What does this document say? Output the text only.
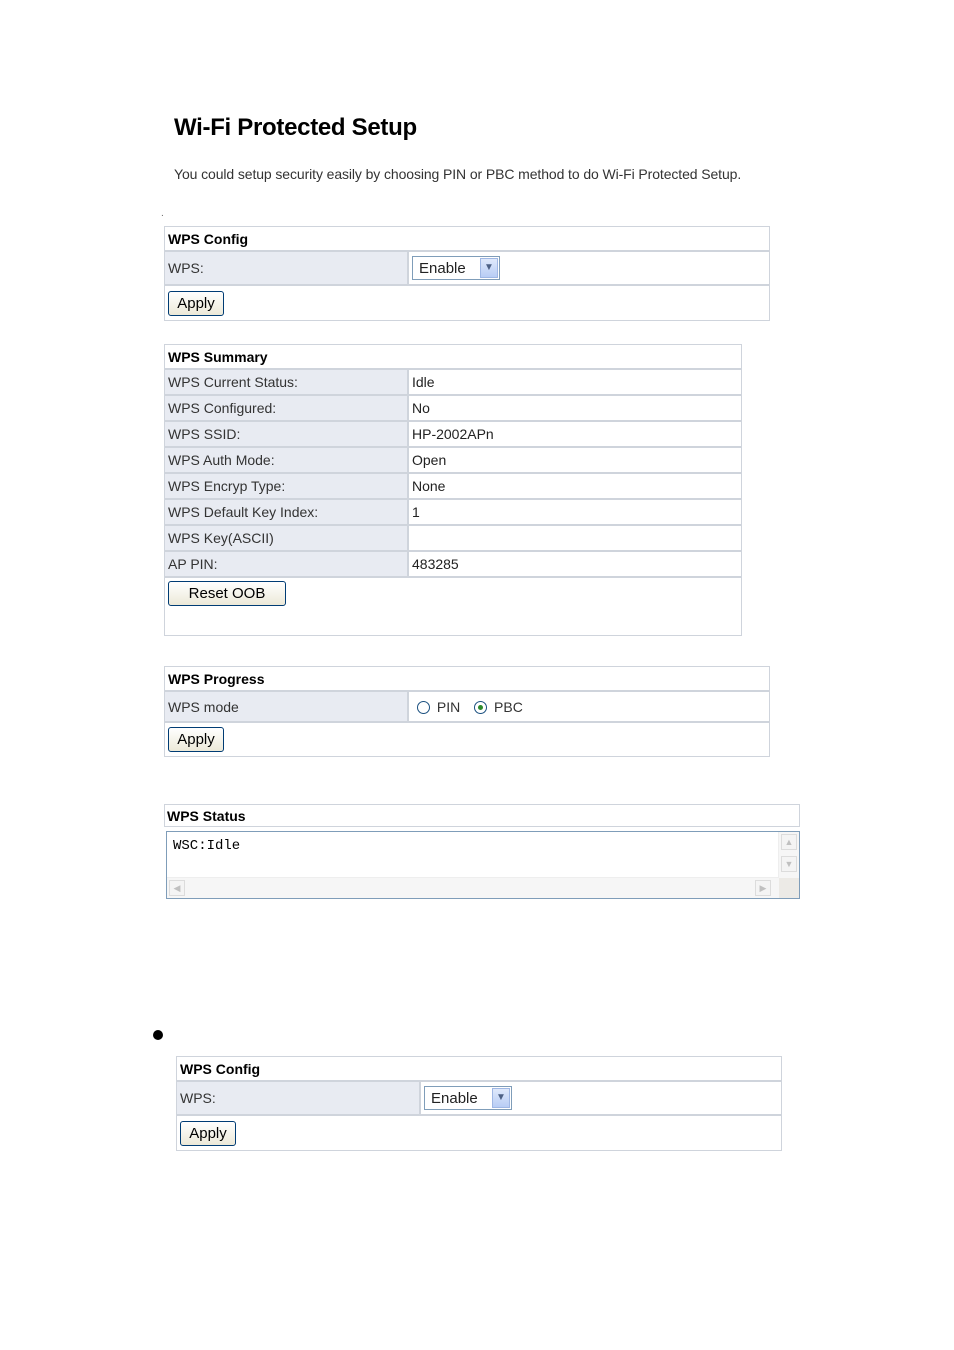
Wi-Fi Protected Setup
You could setup security easily by choosing PIN or PBC method to do Wi-Fi Protected Setup.
.
WPS Config
WPS:	Enable	▼

Apply
WPS Summary	
WPS Current Status:	Idle
WPS Configured:	No
WPS SSID:	HP-2002APn
WPS Auth Mode:	Open
WPS Encryp Type:	None
WPS Default Key Index:	1
WPS Key(ASCII)	
AP PIN:	483285
Reset OOB	
WPS Progress
WPS mode	PIN PBC
Apply
WPS Status
WSC:Idle	▲
▼
◀	▶
WPS Config
WPS:	Enable	▼

Apply
